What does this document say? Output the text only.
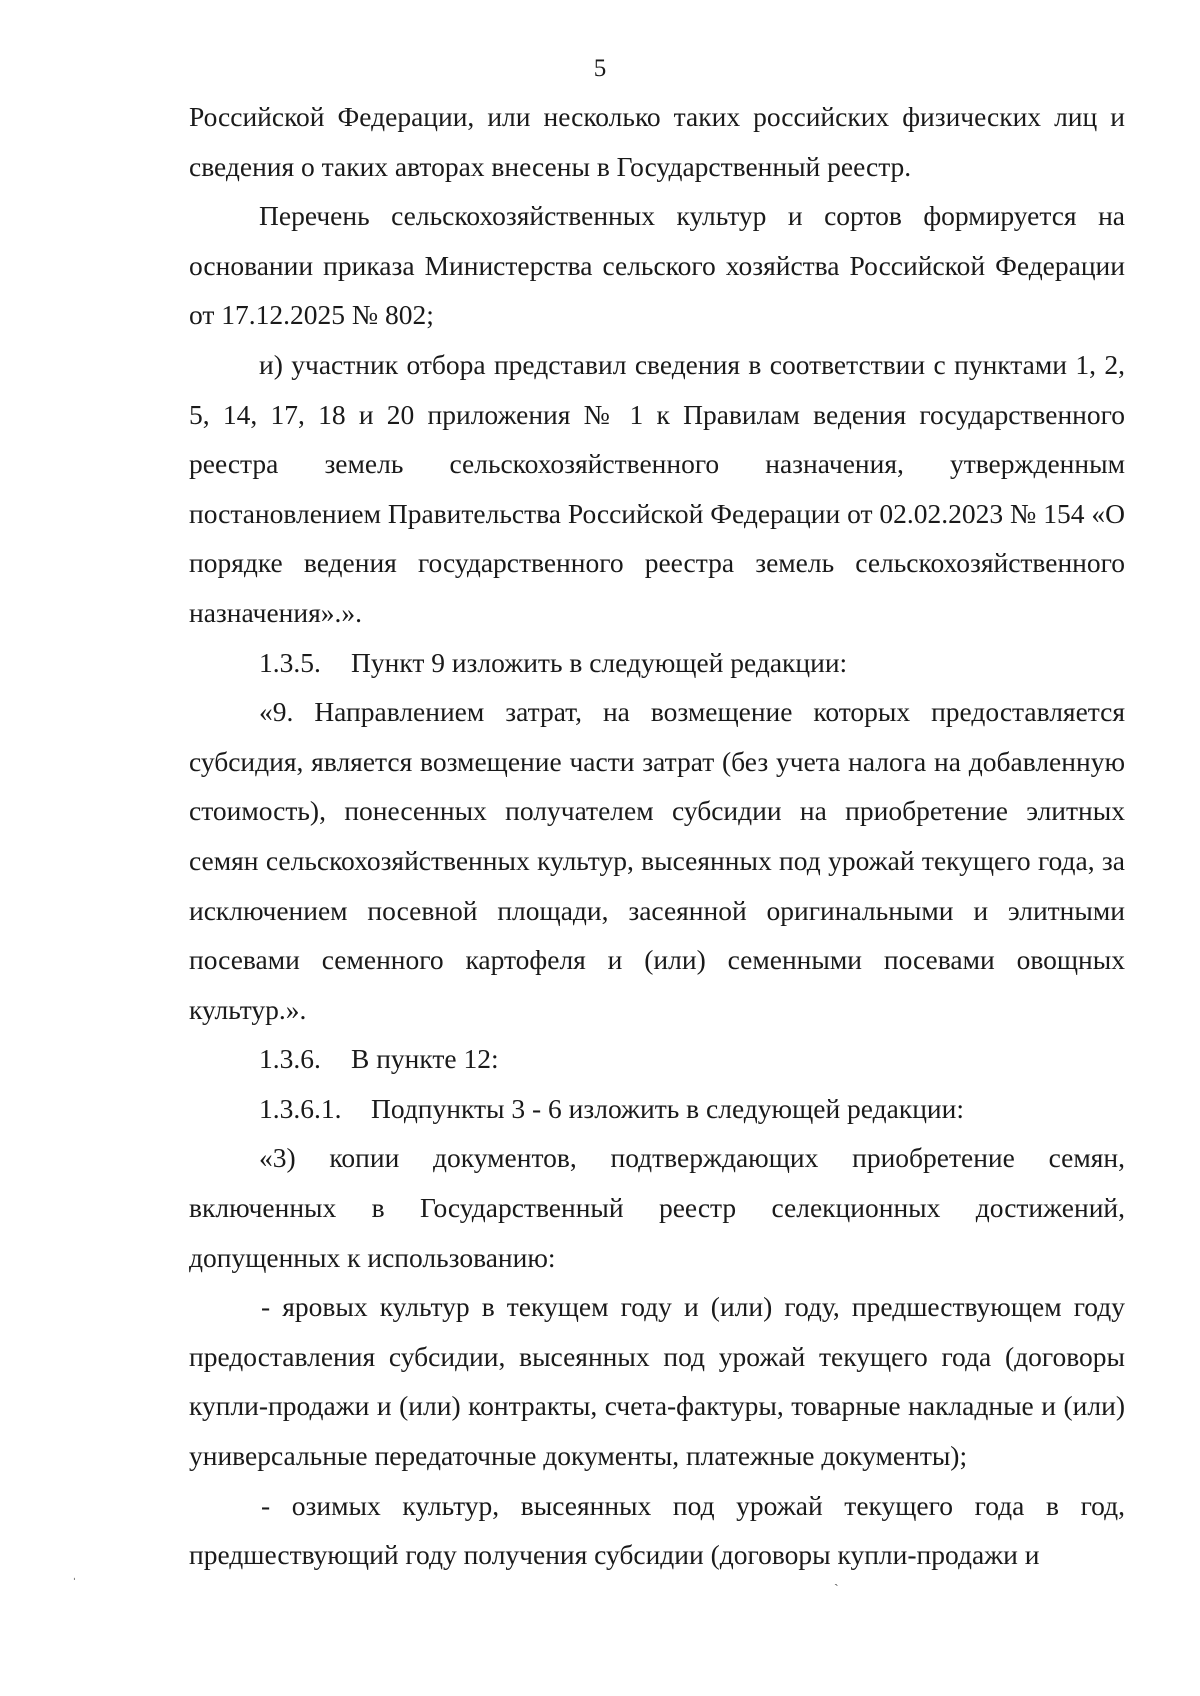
5

Российской Федерации, или несколько таких российских физических лиц и сведения о таких авторах внесены в Государственный реестр.

Перечень сельскохозяйственных культур и сортов формируется на основании приказа Министерства сельского хозяйства Российской Федерации от 17.12.2025 № 802;

и) участник отбора представил сведения в соответствии с пунктами 1, 2, 5, 14, 17, 18 и 20 приложения № 1 к Правилам ведения государственного реестра земель сельскохозяйственного назначения, утвержденным постановлением Правительства Российской Федерации от 02.02.2023 № 154 «О порядке ведения государственного реестра земель сельскохозяйственного назначения».».

1.3.5. Пункт 9 изложить в следующей редакции:

«9. Направлением затрат, на возмещение которых предоставляется субсидия, является возмещение части затрат (без учета налога на добавленную стоимость), понесенных получателем субсидии на приобретение элитных семян сельскохозяйственных культур, высеянных под урожай текущего года, за исключением посевной площади, засеянной оригинальными и элитными посевами семенного картофеля и (или) семенными посевами овощных культур.».

1.3.6. В пункте 12:

1.3.6.1. Подпункты 3 - 6 изложить в следующей редакции:

«3) копии документов, подтверждающих приобретение семян, включенных в Государственный реестр селекционных достижений, допущенных к использованию:

- яровых культур в текущем году и (или) году, предшествующем году предоставления субсидии, высеянных под урожай текущего года (договоры купли-продажи и (или) контракты, счета-фактуры, товарные накладные и (или) универсальные передаточные документы, платежные документы);

- озимых культур, высеянных под урожай текущего года в год, предшествующий году получения субсидии (договоры купли-продажи и

ˌ	ˎ
